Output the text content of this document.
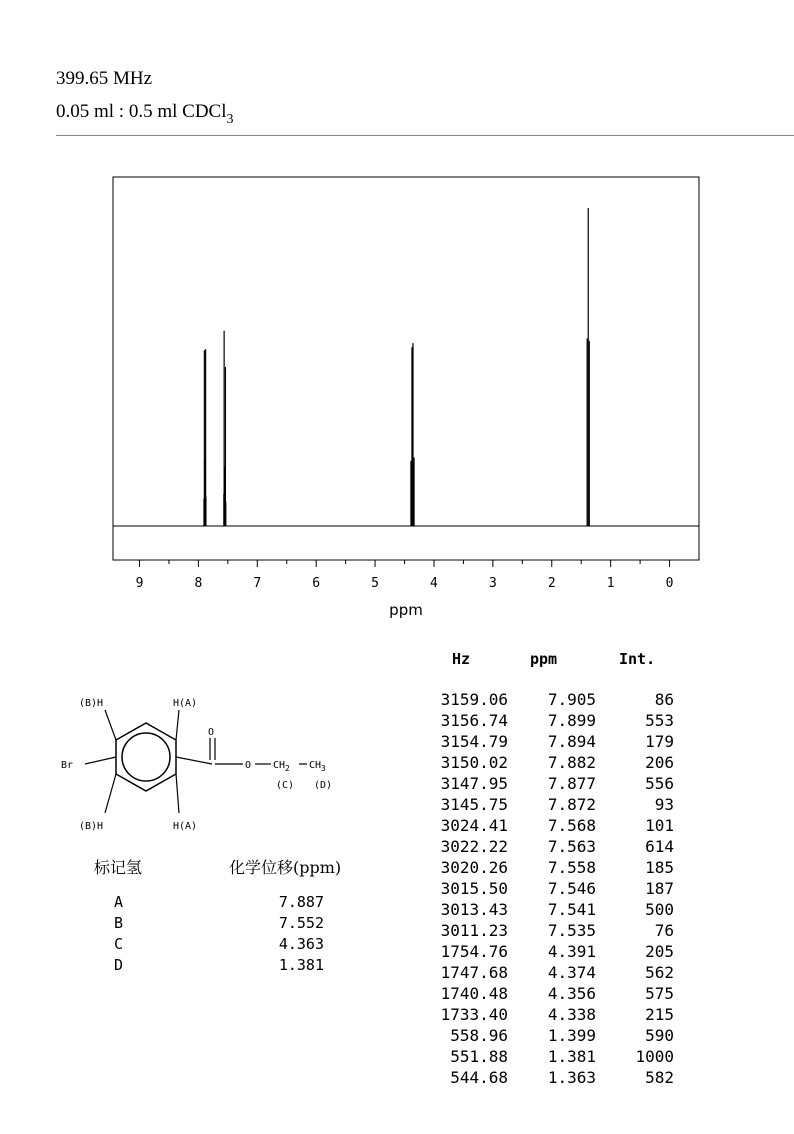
399.65 MHz
0.05 ml : 0.5 ml CDCl$_3$
9	8	7	6	5	4	3	2	1	0
ppm
Hz	ppm	Int.
3159.06 7.905	86
3156.74 7.899	553
3154.79 7.894	179
3150.02 7.882	206
3147.95 7.877	556
3145.75 7.872	93
3024.41 7.568	101
3022.22 7.563	614
3020.26 7.558	185
3015.50 7.546	187
3013.43 7.541	500
3011.23 7.535	76
1754.76 4.391	205
1747.68 4.374	562
1740.48 4.356	575
1733.40 4.338	215
558.96 1.399	590
551.88 1.381 1000
544.68 1.363	582
(B)H	H(A)
(B)H	H(A)
Br
O
O $CH_2$ $CH_3$
(C) (D)
标记氢	化学位移(ppm)
A	7.887
B	7.552
C	4.363
D	1.381
